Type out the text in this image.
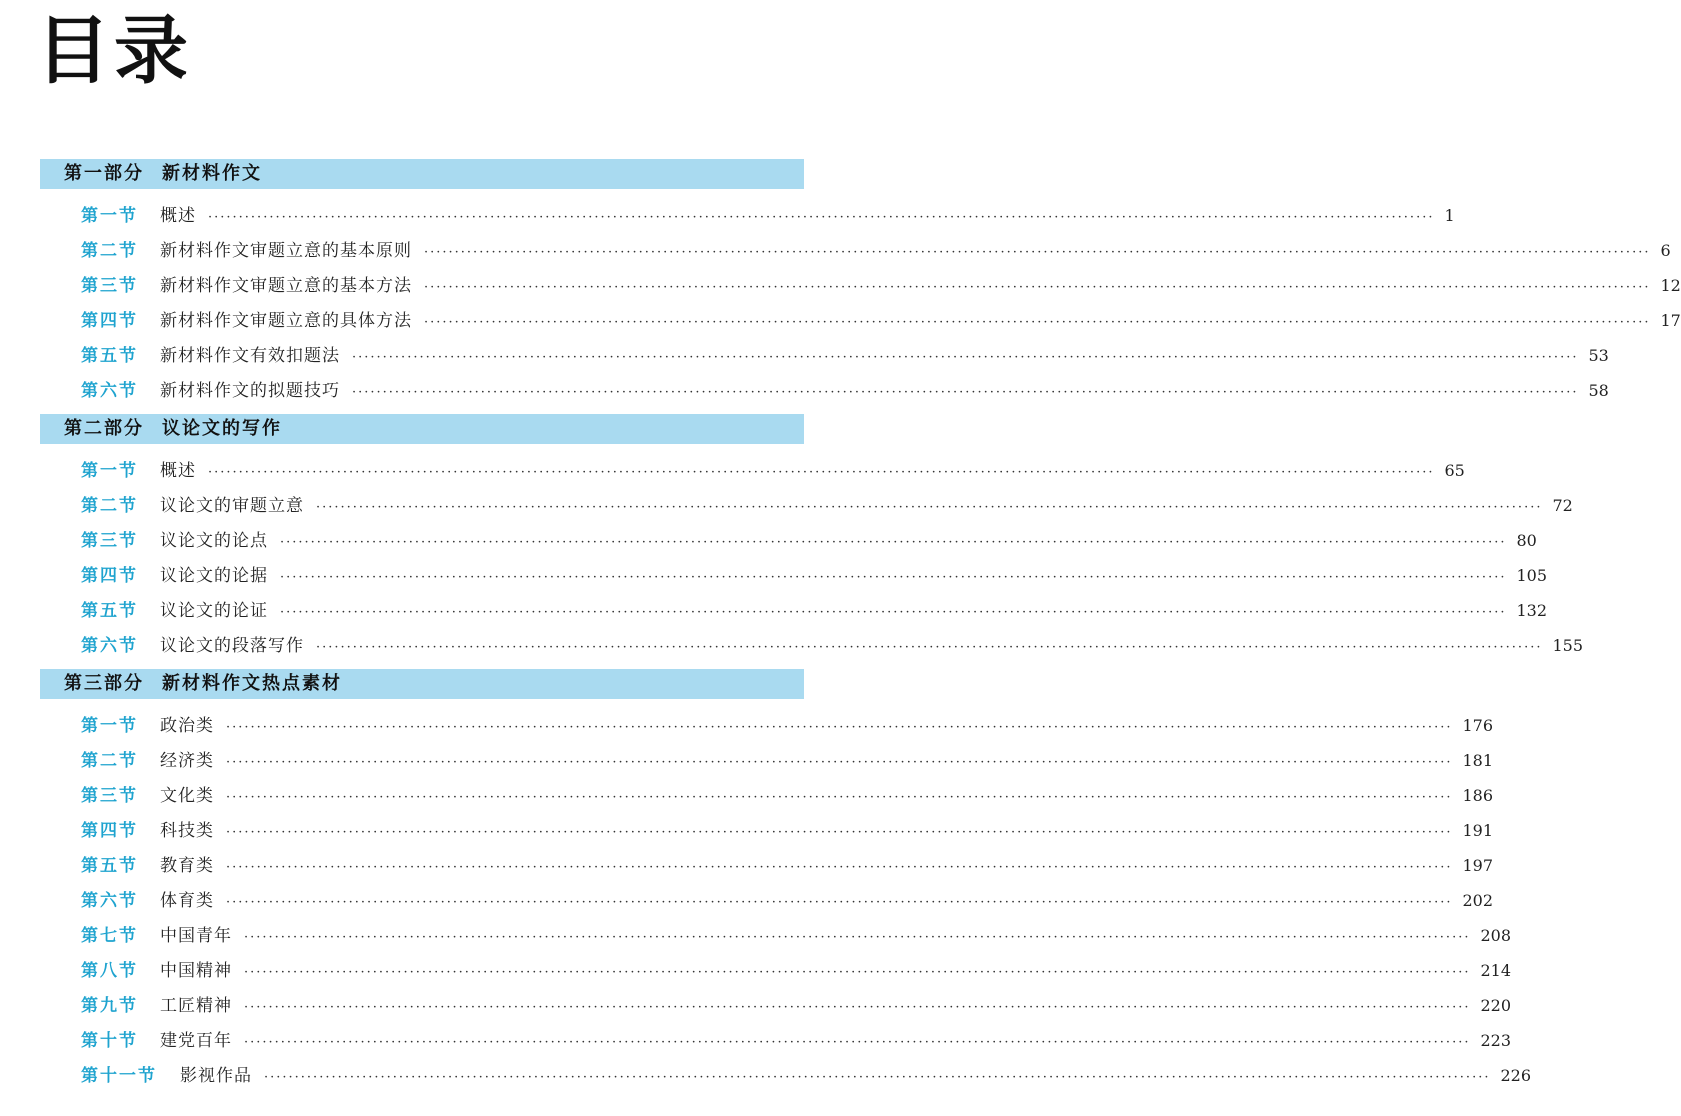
目录
第一部分 新材料作文
第一节	概述 ········································································································································································································ 1
第二节	新材料作文审题立意的基本原则 ········································································································································································································ 6
第三节	新材料作文审题立意的基本方法 ········································································································································································································ 12
第四节	新材料作文审题立意的具体方法 ········································································································································································································ 17
第五节	新材料作文有效扣题法 ········································································································································································································ 53
第六节	新材料作文的拟题技巧 ········································································································································································································ 58
第二部分 议论文的写作
第一节	概述 ········································································································································································································ 65
第二节	议论文的审题立意 ········································································································································································································ 72
第三节	议论文的论点 ········································································································································································································ 80
第四节	议论文的论据 ········································································································································································································ 105
第五节	议论文的论证 ········································································································································································································ 132
第六节	议论文的段落写作 ········································································································································································································ 155
第三部分 新材料作文热点素材
第一节	政治类 ········································································································································································································ 176
第二节	经济类 ········································································································································································································ 181
第三节	文化类 ········································································································································································································ 186
第四节	科技类 ········································································································································································································ 191
第五节	教育类 ········································································································································································································ 197
第六节	体育类 ········································································································································································································ 202
第七节	中国青年 ········································································································································································································ 208
第八节	中国精神 ········································································································································································································ 214
第九节	工匠精神 ········································································································································································································ 220
第十节	建党百年 ········································································································································································································ 223
第十一节	影视作品 ········································································································································································································ 226
